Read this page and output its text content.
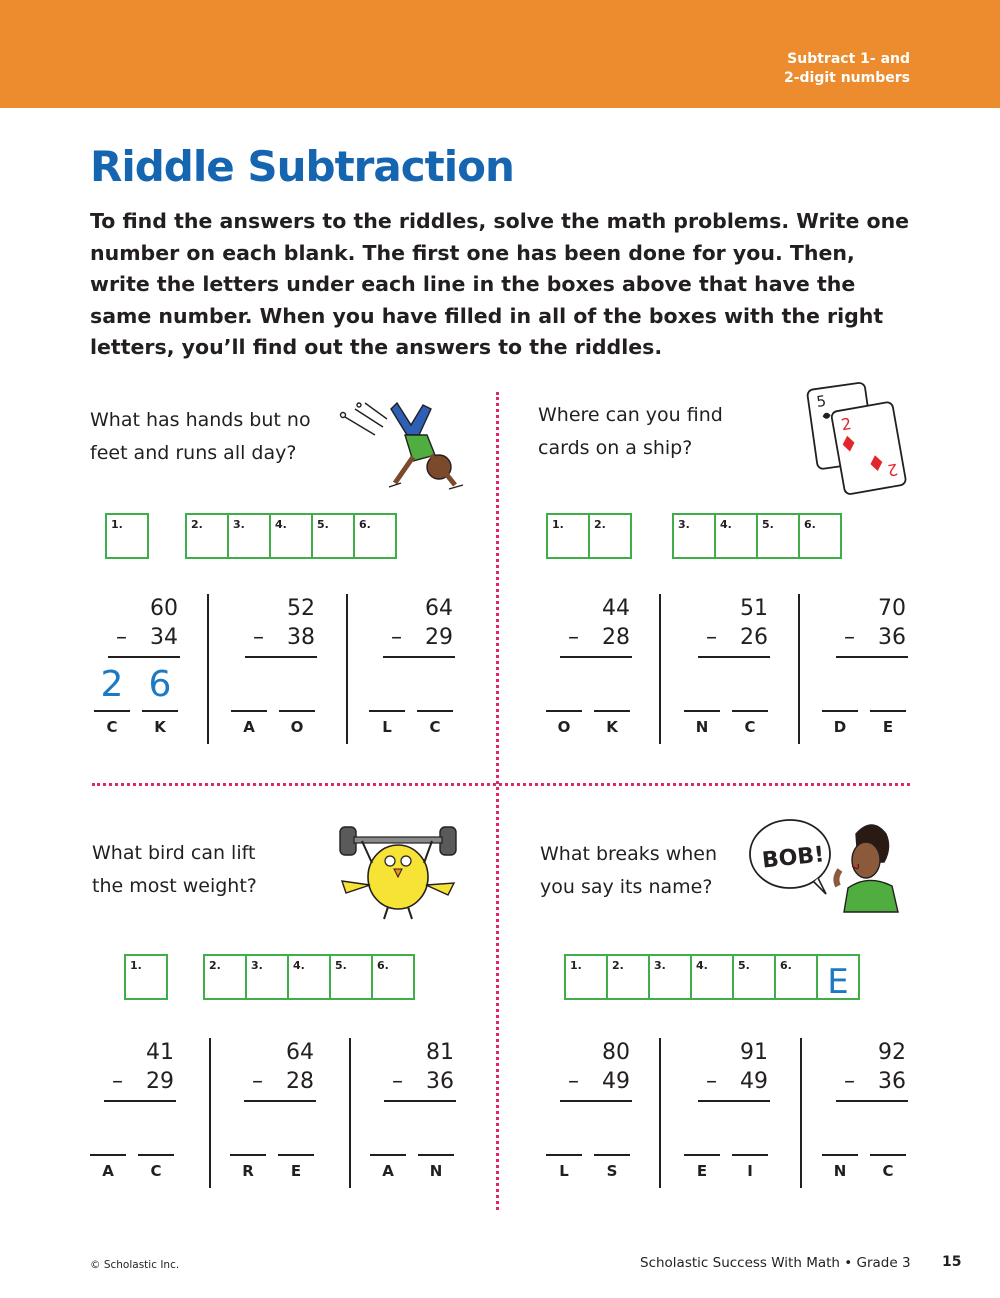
Subtract 1- and
2-digit numbers
Riddle Subtraction

To find the answers to the riddles, solve the math problems. Write one number on each blank. The first one has been done for you. Then, write the letters under each line in the boxes above that have the same number. When you have filled in all of the boxes with the right letters, you’ll find out the answers to the riddles.

What has hands but no
feet and runs all day?
1.	2.	3.	4.	5.	6.
60
– 34
2 6
C	K
52
– 38
A	O
64
– 29
L	C
Where can you find
cards on a ship?
5
2
2
1.	2.	3.	4.	5.	6.
44
– 28
O	K
51
– 26
N	C
70
– 36
D	E
What bird can lift
the most weight?
1.	2.	3.	4.	5.	6.
41
– 29
A	C
64
– 28
R	E
81
– 36
A	N
What breaks when
you say its name?
BOB!
1.	2.	3.	4.	5.	6. E
80
– 49
L	S
91
– 49
E	I
92
– 36
N	C
© Scholastic Inc.	Scholastic Success With Math • Grade 3 15
